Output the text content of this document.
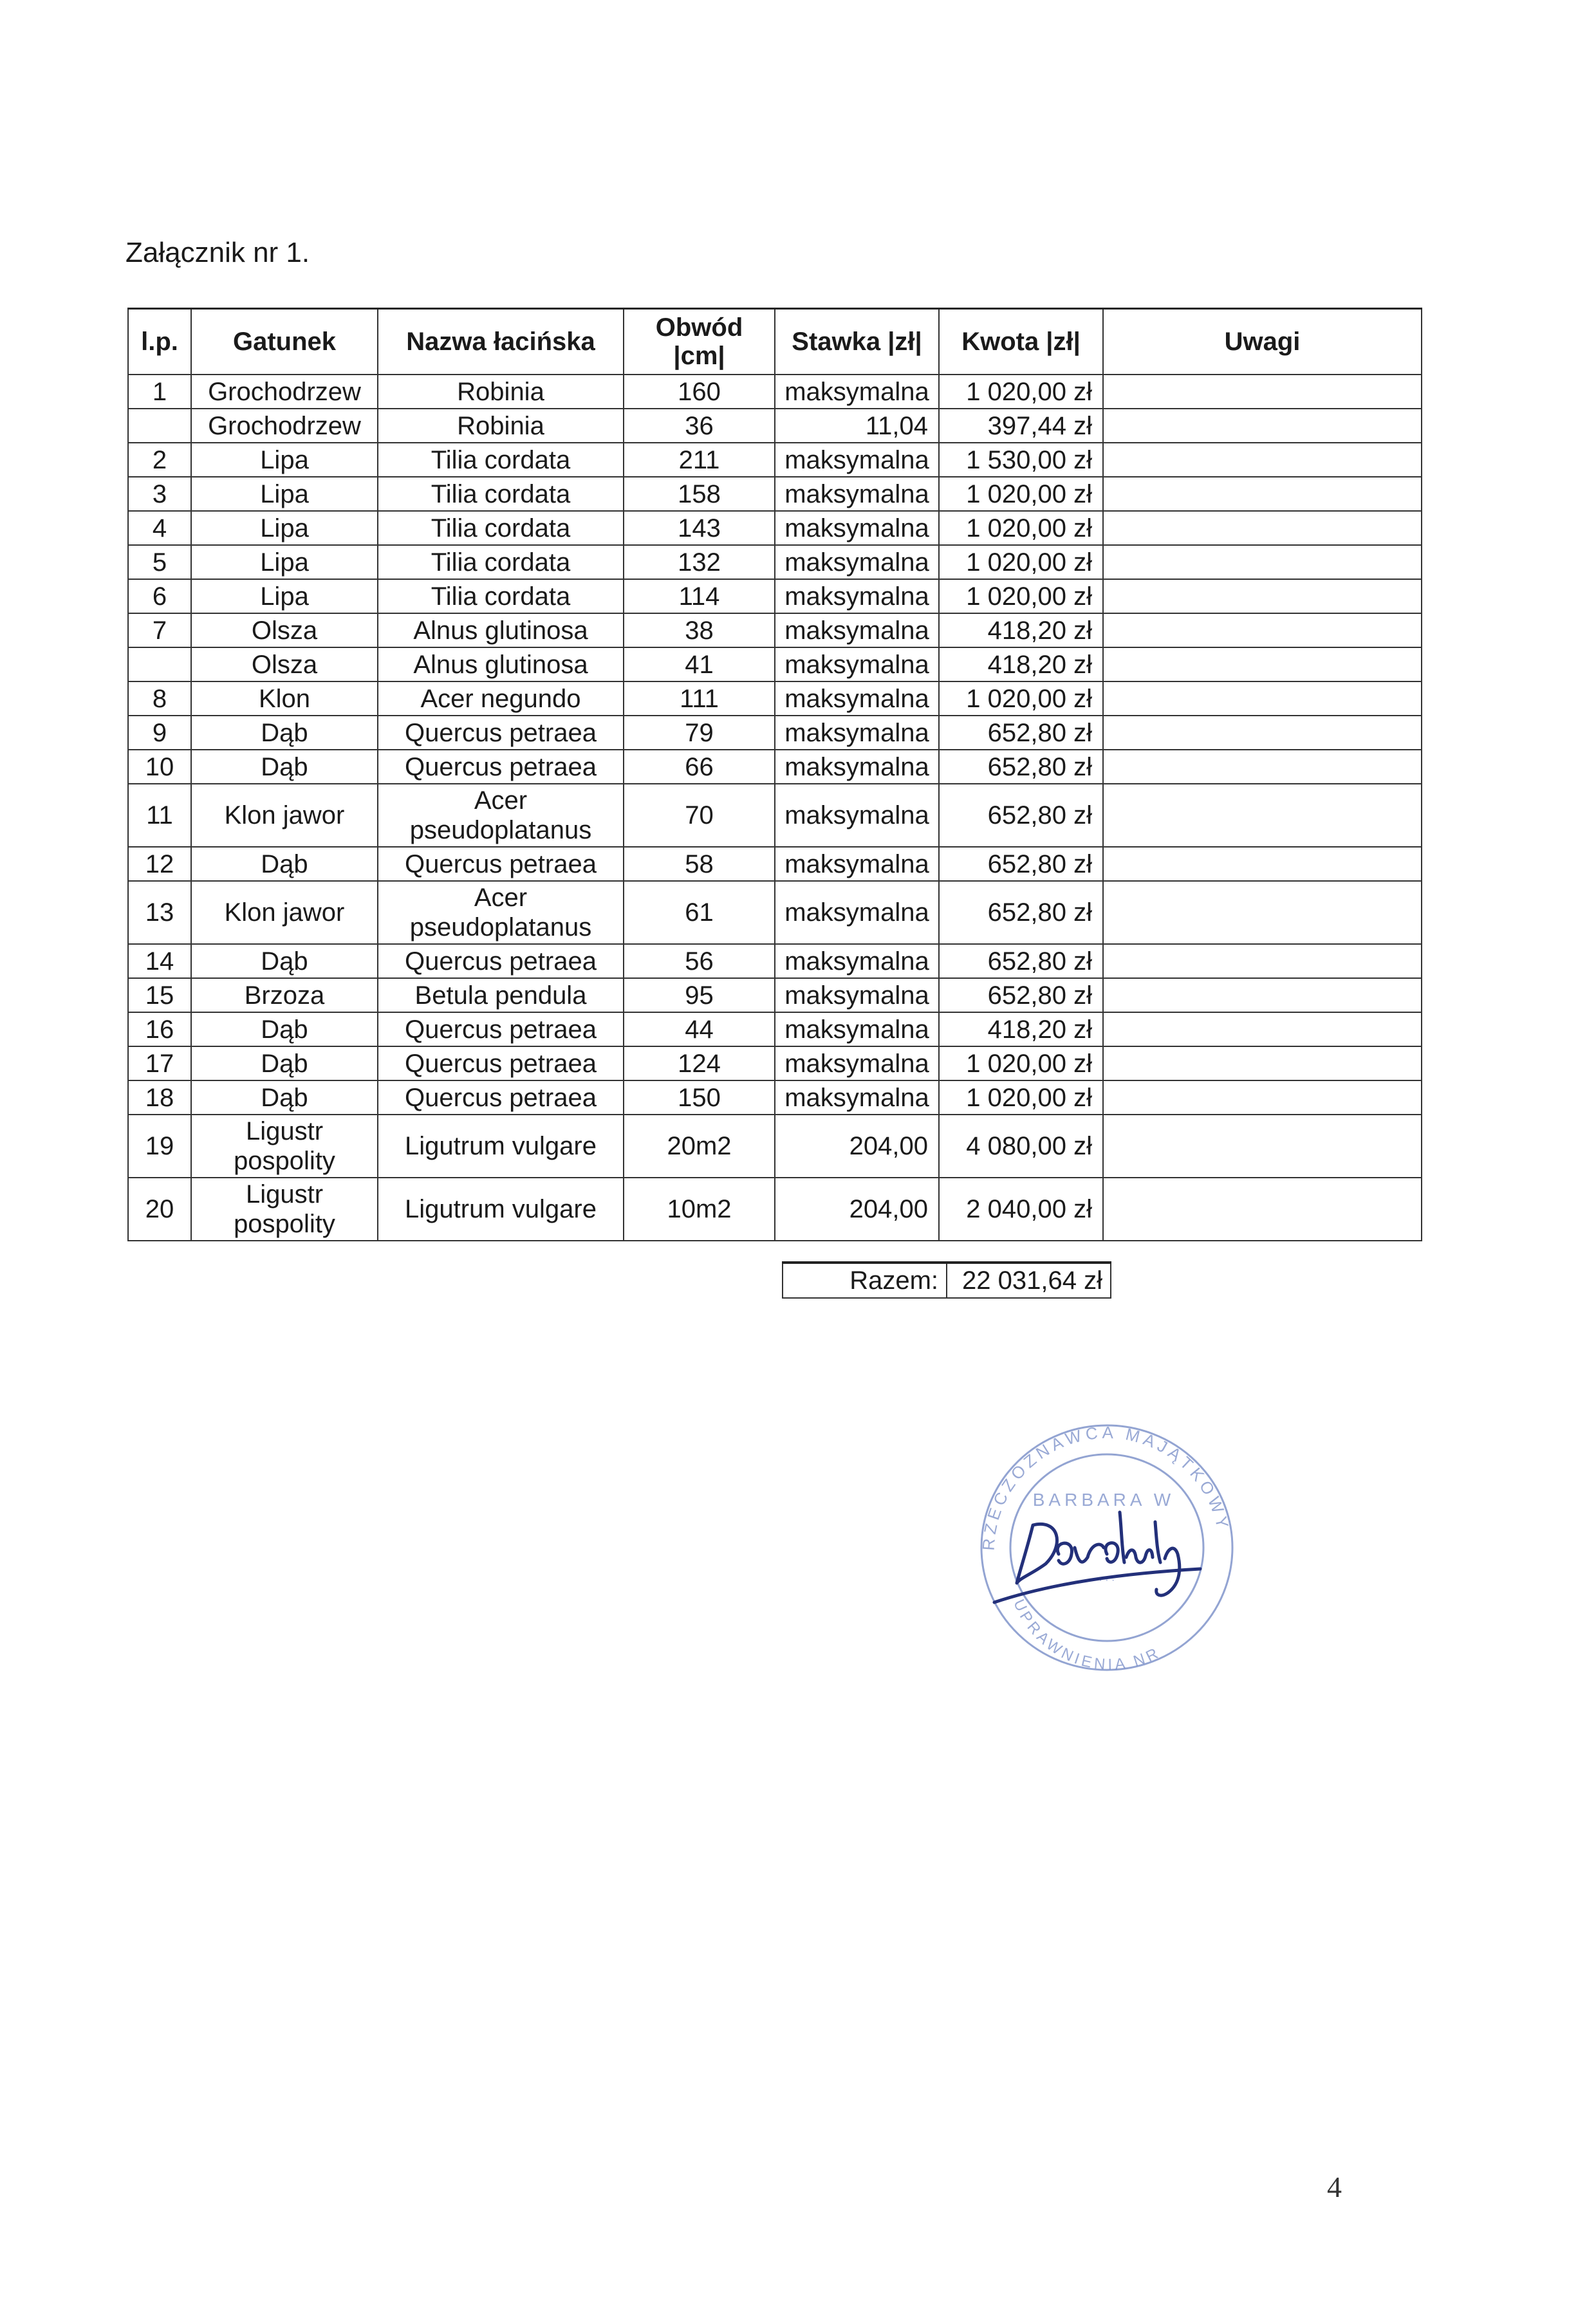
Załącznik nr 1.
l.p.	Gatunek	Nazwa łacińska	Obwód |cm|	Stawka |zł|	Kwota |zł|	Uwagi
1	Grochodrzew	Robinia	160	maksymalna	1 020,00 zł	
	Grochodrzew	Robinia	36	11,04	397,44 zł	
2	Lipa	Tilia cordata	211	maksymalna	1 530,00 zł	
3	Lipa	Tilia cordata	158	maksymalna	1 020,00 zł	
4	Lipa	Tilia cordata	143	maksymalna	1 020,00 zł	
5	Lipa	Tilia cordata	132	maksymalna	1 020,00 zł	
6	Lipa	Tilia cordata	114	maksymalna	1 020,00 zł	
7	Olsza	Alnus glutinosa	38	maksymalna	418,20 zł	
	Olsza	Alnus glutinosa	41	maksymalna	418,20 zł	
8	Klon	Acer negundo	111	maksymalna	1 020,00 zł	
9	Dąb	Quercus petraea	79	maksymalna	652,80 zł	
10	Dąb	Quercus petraea	66	maksymalna	652,80 zł	
11	Klon jawor	Acer pseudoplatanus	70	maksymalna	652,80 zł	
12	Dąb	Quercus petraea	58	maksymalna	652,80 zł	
13	Klon jawor	Acer pseudoplatanus	61	maksymalna	652,80 zł	
14	Dąb	Quercus petraea	56	maksymalna	652,80 zł	
15	Brzoza	Betula pendula	95	maksymalna	652,80 zł	
16	Dąb	Quercus petraea	44	maksymalna	418,20 zł	
17	Dąb	Quercus petraea	124	maksymalna	1 020,00 zł	
18	Dąb	Quercus petraea	150	maksymalna	1 020,00 zł	
19	Ligustr pospolity	Ligutrum vulgare	20m2	204,00	4 080,00 zł	
20	Ligustr pospolity	Ligutrum vulgare	10m2	204,00	2 040,00 zł	
Razem:	22 031,64 zł
RZECZOZNAWCA MAJĄTKOWY
UPRAWNIENIA NR
BARBARA W
· · · ·
4
